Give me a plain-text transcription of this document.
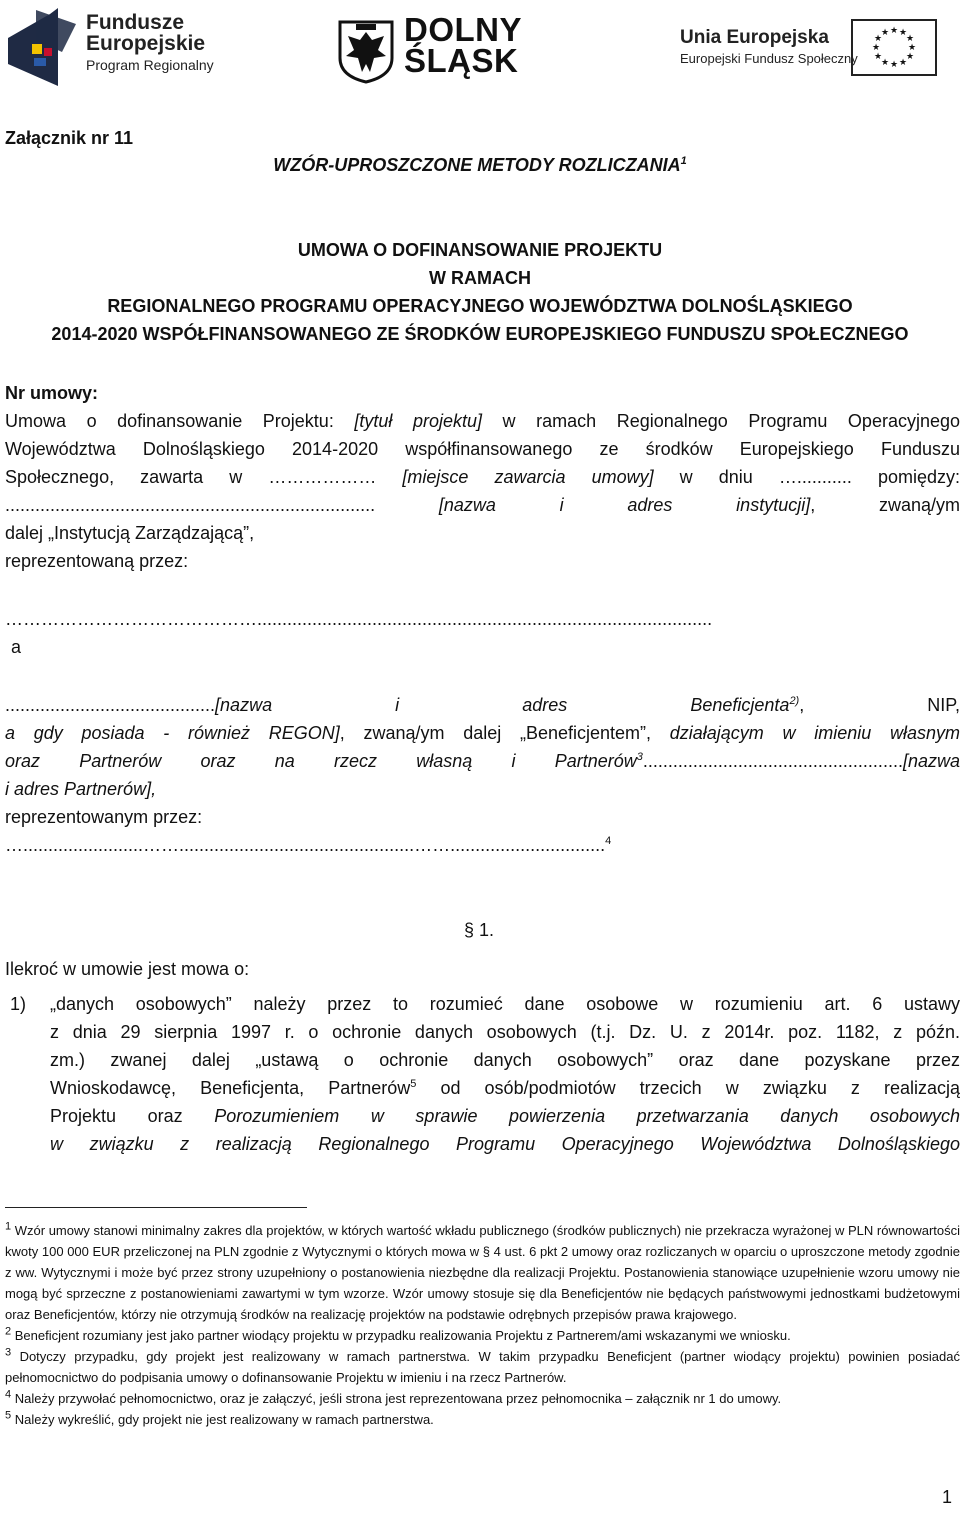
Fundusze
Europejskie
Program Regionalny
DOLNY
ŚLĄSK
Unia Europejska
Europejski Fundusz Społeczny
★ ★
★
★
★
★
★
★
★
★
★
★
Załącznik nr 11
WZÓR-UPROSZCZONE METODY ROZLICZANIA$^1$
UMOWA O DOFINANSOWANIE PROJEKTU
W RAMACH
REGIONALNEGO PROGRAMU OPERACYJNEGO WOJEWÓDZTWA DOLNOŚLĄSKIEGO
2014-2020 WSPÓŁFINANSOWANEGO ZE ŚRODKÓW EUROPEJSKIEGO FUNDUSZU SPOŁECZNEGO
Nr umowy:
Umowa o dofinansowanie Projektu: [tytuł projektu] w ramach Regionalnego Programu Operacyjnego
Województwa Dolnośląskiego 2014-2020 współfinansowanego ze środków Europejskiego Funduszu
Społecznego, zawarta w ……………… [miejsce zawarcia umowy] w dniu …........... pomiędzy:
.......................................................................... [nazwa i adres instytucji], zwaną/ym
dalej „Instytucją Zarządzającą”,
reprezentowaną przez:
……………………………………...........................................................................................
a
..........................................[nazwa i adres Beneficjenta$^{2)}$, NIP,
a gdy posiada - również REGON], zwaną/ym dalej „Beneficjentem”, działającym w imieniu własnym
oraz Partnerów oraz na rzecz własną i Partnerów$^3$....................................................[nazwa
i adres Partnerów],
reprezentowanym przez:
…........................……...............................................……...............................$^4$
§ 1.
Ilekroć w umowie jest mowa o:
1)	„danych osobowych” należy przez to rozumieć dane osobowe w rozumieniu art. 6 ustawy
z dnia 29 sierpnia 1997 r. o ochronie danych osobowych (t.j. Dz. U. z 2014r. poz. 1182, z późn.
zm.) zwanej dalej „ustawą o ochronie danych osobowych” oraz dane pozyskane przez
Wnioskodawcę, Beneficjenta, Partnerów$^5$ od osób/podmiotów trzecich w związku z realizacją
Projektu oraz Porozumieniem w sprawie powierzenia przetwarzania danych osobowych
w związku z realizacją Regionalnego Programu Operacyjnego Województwa Dolnośląskiego

$^1$ Wzór umowy stanowi minimalny zakres dla projektów, w których wartość wkładu publicznego (środków publicznych) nie przekracza wyrażonej w PLN równowartości kwoty 100 000 EUR przeliczonej na PLN zgodnie z Wytycznymi o których mowa w § 4 ust. 6 pkt 2 umowy oraz rozliczanych w oparciu o uproszczone metody zgodnie z ww. Wytycznymi i może być przez strony uzupełniony o postanowienia niezbędne dla realizacji Projektu. Postanowienia stanowiące uzupełnienie wzoru umowy nie mogą być sprzeczne z postanowieniami zawartymi w tym wzorze. Wzór umowy stosuje się dla Beneficjentów nie będących państwowymi jednostkami budżetowymi oraz Beneficjentów, którzy nie otrzymują środków na realizację projektów na podstawie odrębnych przepisów prawa krajowego.

$^2$ Beneficjent rozumiany jest jako partner wiodący projektu w przypadku realizowania Projektu z Partnerem/ami wskazanymi we wniosku.

$^3$ Dotyczy przypadku, gdy projekt jest realizowany w ramach partnerstwa. W takim przypadku Beneficjent (partner wiodący projektu) powinien posiadać pełnomocnictwo do podpisania umowy o dofinansowanie Projektu w imieniu i na rzecz Partnerów.

$^4$ Należy przywołać pełnomocnictwo, oraz je załączyć, jeśli strona jest reprezentowana przez pełnomocnika – załącznik nr 1 do umowy.

$^5$ Należy wykreślić, gdy projekt nie jest realizowany w ramach partnerstwa.

1
